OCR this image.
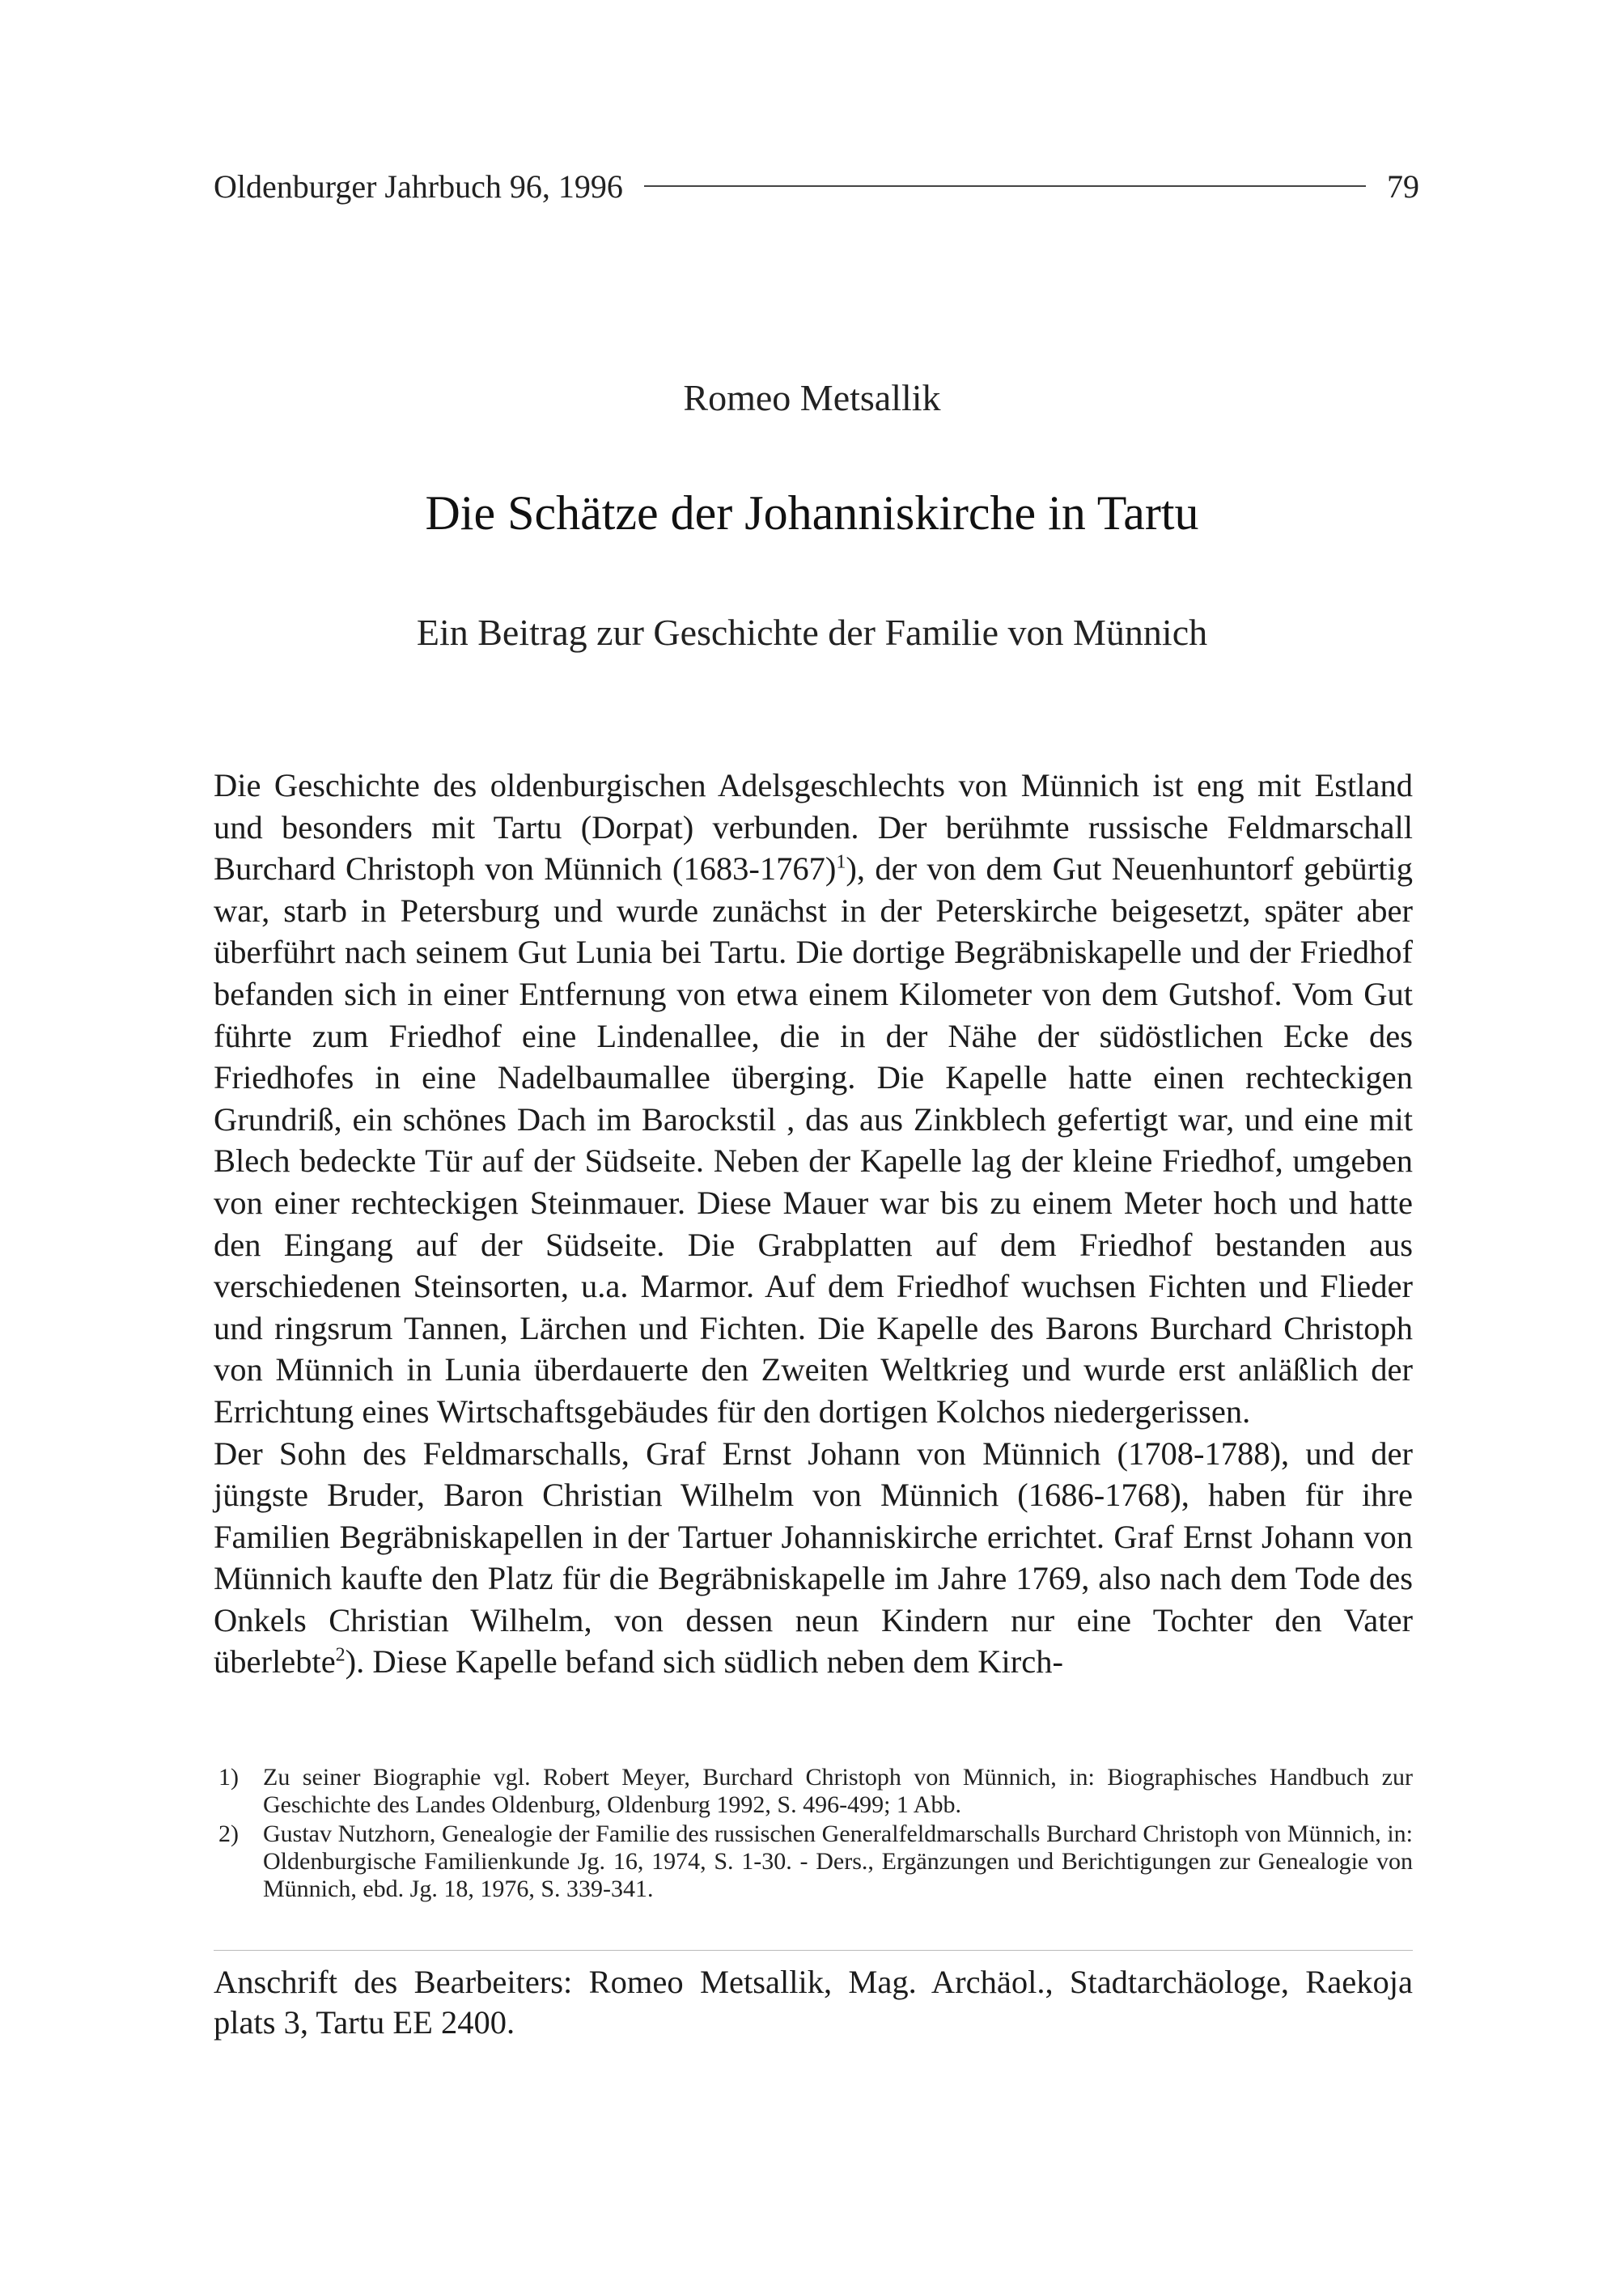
Oldenburger Jahrbuch 96, 1996	79
Romeo Metsallik
Die Schätze der Johanniskirche in Tartu
Ein Beitrag zur Geschichte der Familie von Münnich

Die Geschichte des oldenburgischen Adelsgeschlechts von Münnich ist eng mit Estland und besonders mit Tartu (Dorpat) verbunden. Der berühmte russische Feldmarschall Burchard Christoph von Münnich (1683-1767)$^1$), der von dem Gut Neuenhuntorf gebürtig war, starb in Petersburg und wurde zunächst in der Peterskirche beigesetzt, später aber überführt nach seinem Gut Lunia bei Tartu. Die dortige Begräbniskapelle und der Friedhof befanden sich in einer Entfernung von etwa einem Kilometer von dem Gutshof. Vom Gut führte zum Friedhof eine Lindenallee, die in der Nähe der südöstlichen Ecke des Friedhofes in eine Nadelbaumallee überging. Die Kapelle hatte einen rechteckigen Grundriß, ein schönes Dach im Barockstil , das aus Zinkblech gefertigt war, und eine mit Blech bedeckte Tür auf der Südseite. Neben der Kapelle lag der kleine Friedhof, umgeben von einer rechteckigen Steinmauer. Diese Mauer war bis zu einem Meter hoch und hatte den Eingang auf der Südseite. Die Grabplatten auf dem Friedhof bestanden aus verschiedenen Steinsorten, u.a. Marmor. Auf dem Friedhof wuchsen Fichten und Flieder und ringsrum Tannen, Lärchen und Fichten. Die Kapelle des Barons Burchard Christoph von Münnich in Lunia überdauerte den Zweiten Weltkrieg und wurde erst anläßlich der Errichtung eines Wirtschaftsgebäudes für den dortigen Kolchos niedergerissen.

Der Sohn des Feldmarschalls, Graf Ernst Johann von Münnich (1708-1788), und der jüngste Bruder, Baron Christian Wilhelm von Münnich (1686-1768), haben für ihre Familien Begräbniskapellen in der Tartuer Johanniskirche errichtet. Graf Ernst Johann von Münnich kaufte den Platz für die Begräbniskapelle im Jahre 1769, also nach dem Tode des Onkels Christian Wilhelm, von dessen neun Kindern nur eine Tochter den Vater überlebte$^2$). Diese Kapelle befand sich südlich neben dem Kirch-

1)	Zu seiner Biographie vgl. Robert Meyer, Burchard Christoph von Münnich, in: Biographisches Handbuch zur Geschichte des Landes Oldenburg, Oldenburg 1992, S. 496-499; 1 Abb.
2)	Gustav Nutzhorn, Genealogie der Familie des russischen Generalfeldmarschalls Burchard Christoph von Münnich, in: Oldenburgische Familienkunde Jg. 16, 1974, S. 1-30. - Ders., Ergänzungen und Berichtigungen zur Genealogie von Münnich, ebd. Jg. 18, 1976, S. 339-341.
Anschrift des Bearbeiters: Romeo Metsallik, Mag. Archäol., Stadtarchäologe, Raekoja plats 3, Tartu EE 2400.
